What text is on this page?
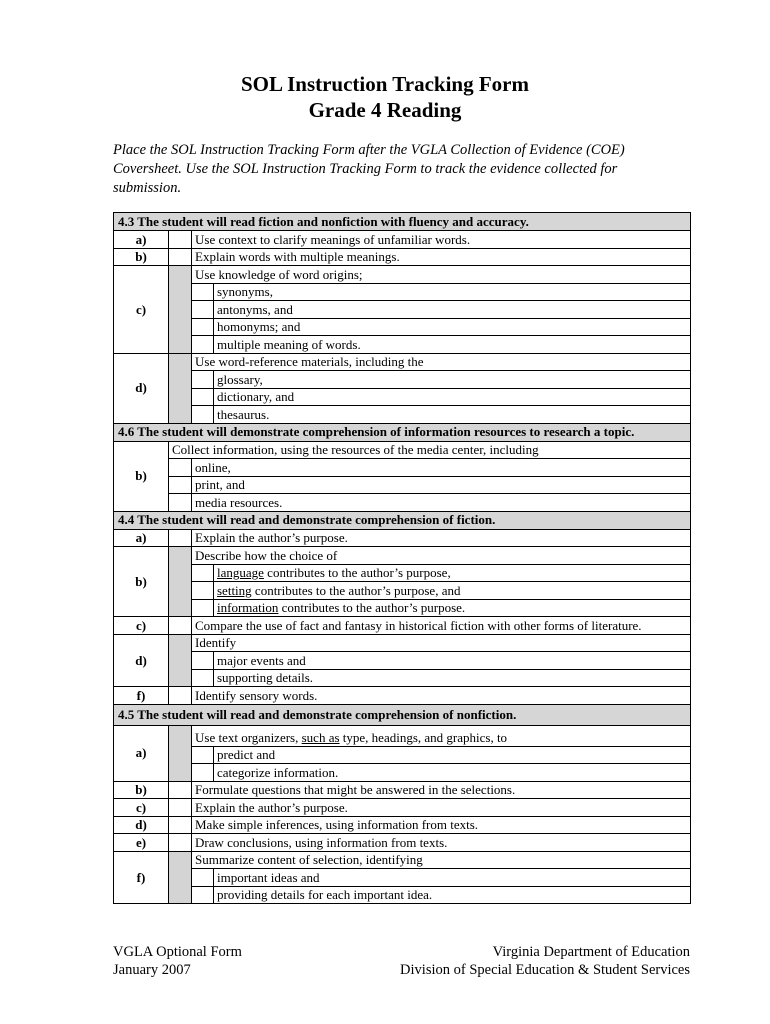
SOL Instruction Tracking Form
Grade 4 Reading
Place the SOL Instruction Tracking Form after the VGLA Collection of Evidence (COE) Coversheet. Use the SOL Instruction Tracking Form to track the evidence collected for submission.
4.3 The student will read fiction and nonfiction with fluency and accuracy.			
a)		Use context to clarify meanings of unfamiliar words.	
b)		Explain words with multiple meanings.	
c)		Use knowledge of word origins;	
			synonyms,
			antonyms, and
			homonyms; and
			multiple meaning of words.
d)		Use word-reference materials, including the	
			glossary,
			dictionary, and
			thesaurus.
4.6 The student will demonstrate comprehension of information resources to research a topic.			
b)	Collect information, using the resources of the media center, including		
		online,	
		print, and	
		media resources.	
4.4 The student will read and demonstrate comprehension of fiction.			
a)		Explain the author’s purpose.	
b)		Describe how the choice of	
			language contributes to the author’s purpose,
			setting contributes to the author’s purpose, and
			information contributes to the author’s purpose.
c)		Compare the use of fact and fantasy in historical fiction with other forms of literature.	
d)		Identify	
			major events and
			supporting details.
f)		Identify sensory words.	
4.5 The student will read and demonstrate comprehension of nonfiction.			
a)		Use text organizers, such as type, headings, and graphics, to	
			predict and
			categorize information.
b)		Formulate questions that might be answered in the selections.	
c)		Explain the author’s purpose.	
d)		Make simple inferences, using information from texts.	
e)		Draw conclusions, using information from texts.	
f)		Summarize content of selection, identifying	
			important ideas and
			providing details for each important idea.
VGLA Optional Form
January 2007
Virginia Department of Education
Division of Special Education & Student Services
